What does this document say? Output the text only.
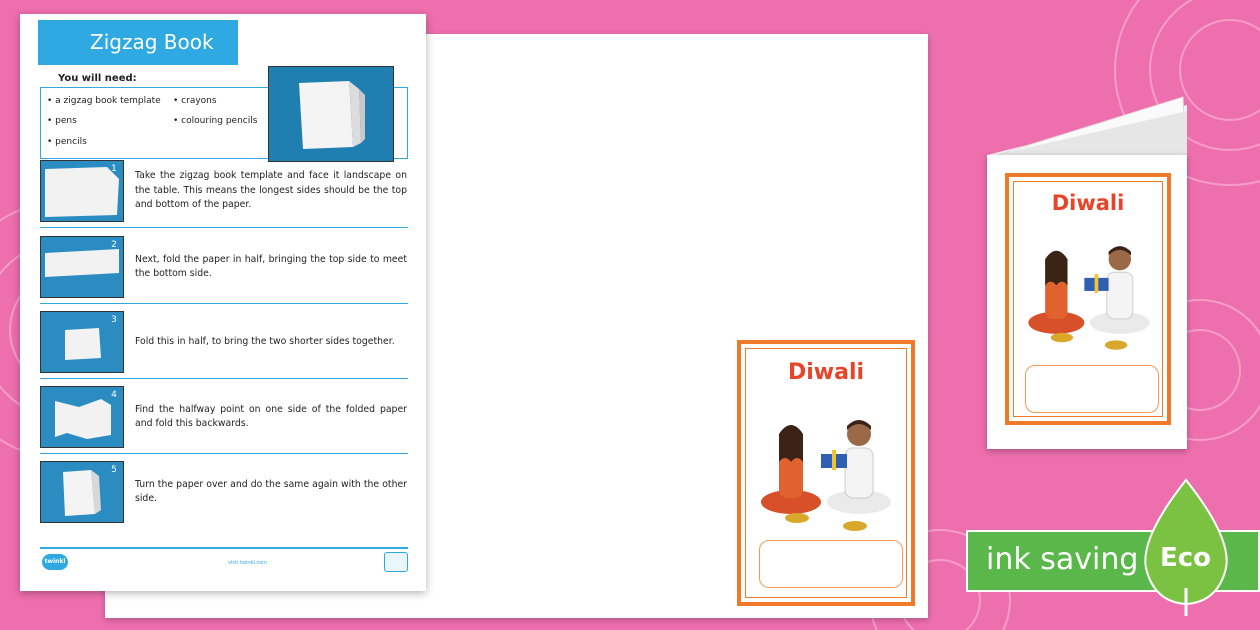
Diwali
Zigzag Book
You will need:
• a zigzag book template • crayons
• pens	• colouring pencils
• pencils
1
Take the zigzag book template and face it landscape on the table. This means the longest sides should be the top and bottom of the paper.
2
Next, fold the paper in half, bringing the top side to meet the bottom side.
3
Fold this in half, to bring the two shorter sides together.
4
Find the halfway point on one side of the folded paper and fold this backwards.
5
Turn the paper over and do the same again with the other side.
twinkl	visit twinkl.com
Diwali
ink saving Eco
